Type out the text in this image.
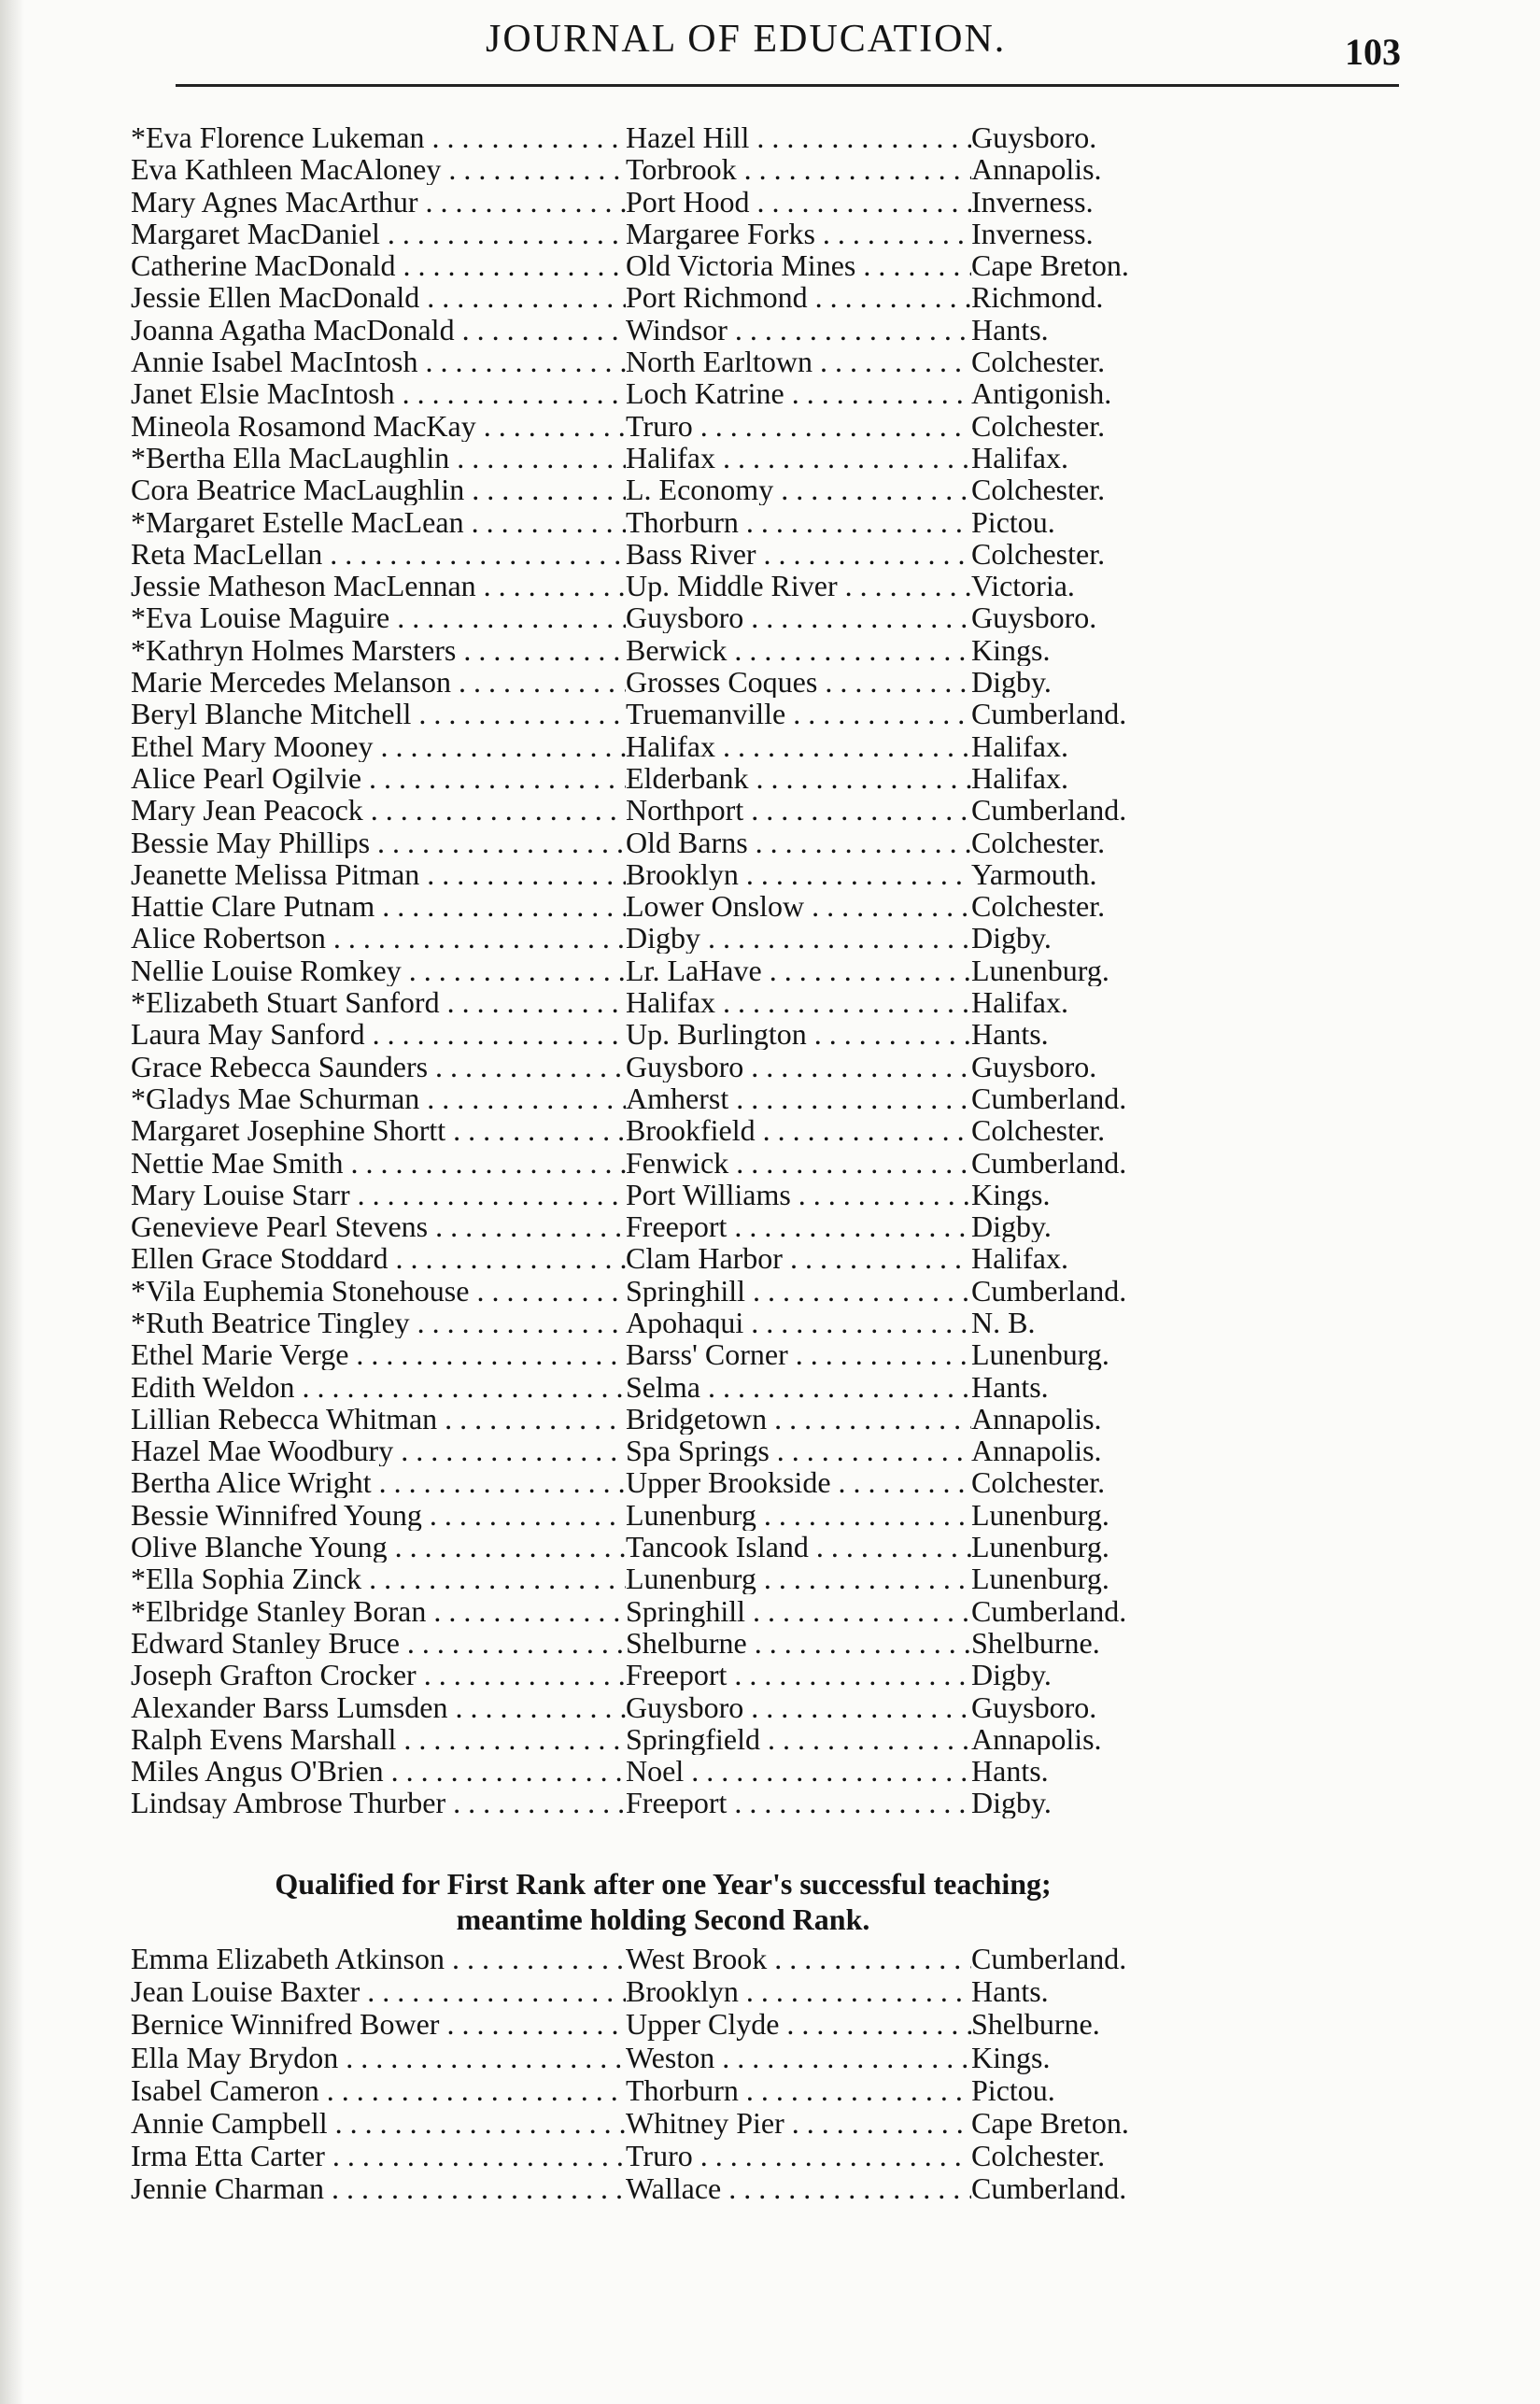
JOURNAL OF EDUCATION.	103
*Eva Florence Lukeman . . .	Hazel Hill . . .	Guysboro.
Eva Kathleen MacAloney . . .	Torbrook . . .	Annapolis.
Mary Agnes MacArthur . . .	Port Hood . . .	Inverness.
Margaret MacDaniel . . .	Margaree Forks . . .	Inverness.
Catherine MacDonald . . .	Old Victoria Mines . . .	Cape Breton.
Jessie Ellen MacDonald . . .	Port Richmond . . .	Richmond.
Joanna Agatha MacDonald . . .	Windsor . . .	Hants.
Annie Isabel MacIntosh . . .	North Earltown . . .	Colchester.
Janet Elsie MacIntosh . . .	Loch Katrine . . .	Antigonish.
Mineola Rosamond MacKay . . .	Truro . . .	Colchester.
*Bertha Ella MacLaughlin . . .	Halifax . . .	Halifax.
Cora Beatrice MacLaughlin . . .	L. Economy . . .	Colchester.
*Margaret Estelle MacLean . . .	Thorburn . . .	Pictou.
Reta MacLellan . . .	Bass River . . .	Colchester.
Jessie Matheson MacLennan . . .	Up. Middle River . . .	Victoria.
*Eva Louise Maguire . . .	Guysboro . . .	Guysboro.
*Kathryn Holmes Marsters . . .	Berwick . . .	Kings.
Marie Mercedes Melanson . . .	Grosses Coques . . .	Digby.
Beryl Blanche Mitchell . . .	Truemanville . . .	Cumberland.
Ethel Mary Mooney . . .	Halifax . . .	Halifax.
Alice Pearl Ogilvie . . .	Elderbank . . .	Halifax.
Mary Jean Peacock . . .	Northport . . .	Cumberland.
Bessie May Phillips . . .	Old Barns . . .	Colchester.
Jeanette Melissa Pitman . . .	Brooklyn . . .	Yarmouth.
Hattie Clare Putnam . . .	Lower Onslow . . .	Colchester.
Alice Robertson . . .	Digby . . .	Digby.
Nellie Louise Romkey . . .	Lr. LaHave . . .	Lunenburg.
*Elizabeth Stuart Sanford . . .	Halifax . . .	Halifax.
Laura May Sanford . . .	Up. Burlington . . .	Hants.
Grace Rebecca Saunders . . .	Guysboro . . .	Guysboro.
*Gladys Mae Schurman . . .	Amherst . . .	Cumberland.
Margaret Josephine Shortt . . .	Brookfield . . .	Colchester.
Nettie Mae Smith . . .	Fenwick . . .	Cumberland.
Mary Louise Starr . . .	Port Williams . . .	Kings.
Genevieve Pearl Stevens . . .	Freeport . . .	Digby.
Ellen Grace Stoddard . . .	Clam Harbor . . .	Halifax.
*Vila Euphemia Stonehouse . . .	Springhill . . .	Cumberland.
*Ruth Beatrice Tingley . . .	Apohaqui . . .	N. B.
Ethel Marie Verge . . .	Barss' Corner . . .	Lunenburg.
Edith Weldon . . .	Selma . . .	Hants.
Lillian Rebecca Whitman . . .	Bridgetown . . .	Annapolis.
Hazel Mae Woodbury . . .	Spa Springs . . .	Annapolis.
Bertha Alice Wright . . .	Upper Brookside . . .	Colchester.
Bessie Winnifred Young . . .	Lunenburg . . .	Lunenburg.
Olive Blanche Young . . .	Tancook Island . . .	Lunenburg.
*Ella Sophia Zinck . . .	Lunenburg . . .	Lunenburg.
*Elbridge Stanley Boran . . .	Springhill . . .	Cumberland.
Edward Stanley Bruce . . .	Shelburne . . .	Shelburne.
Joseph Grafton Crocker . . .	Freeport . . .	Digby.
Alexander Barss Lumsden . . .	Guysboro . . .	Guysboro.
Ralph Evens Marshall . . .	Springfield . . .	Annapolis.
Miles Angus O'Brien . . .	Noel . . .	Hants.
Lindsay Ambrose Thurber . . .	Freeport . . .	Digby.
Qualified for First Rank after one Year's successful teaching;
meantime holding Second Rank.
Emma Elizabeth Atkinson . . .	West Brook . . .	Cumberland.
Jean Louise Baxter . . .	Brooklyn . . .	Hants.
Bernice Winnifred Bower . . .	Upper Clyde . . .	Shelburne.
Ella May Brydon . . .	Weston . . .	Kings.
Isabel Cameron . . .	Thorburn . . .	Pictou.
Annie Campbell . . .	Whitney Pier . . .	Cape Breton.
Irma Etta Carter . . .	Truro . . .	Colchester.
Jennie Charman . . .	Wallace . . .	Cumberland.
